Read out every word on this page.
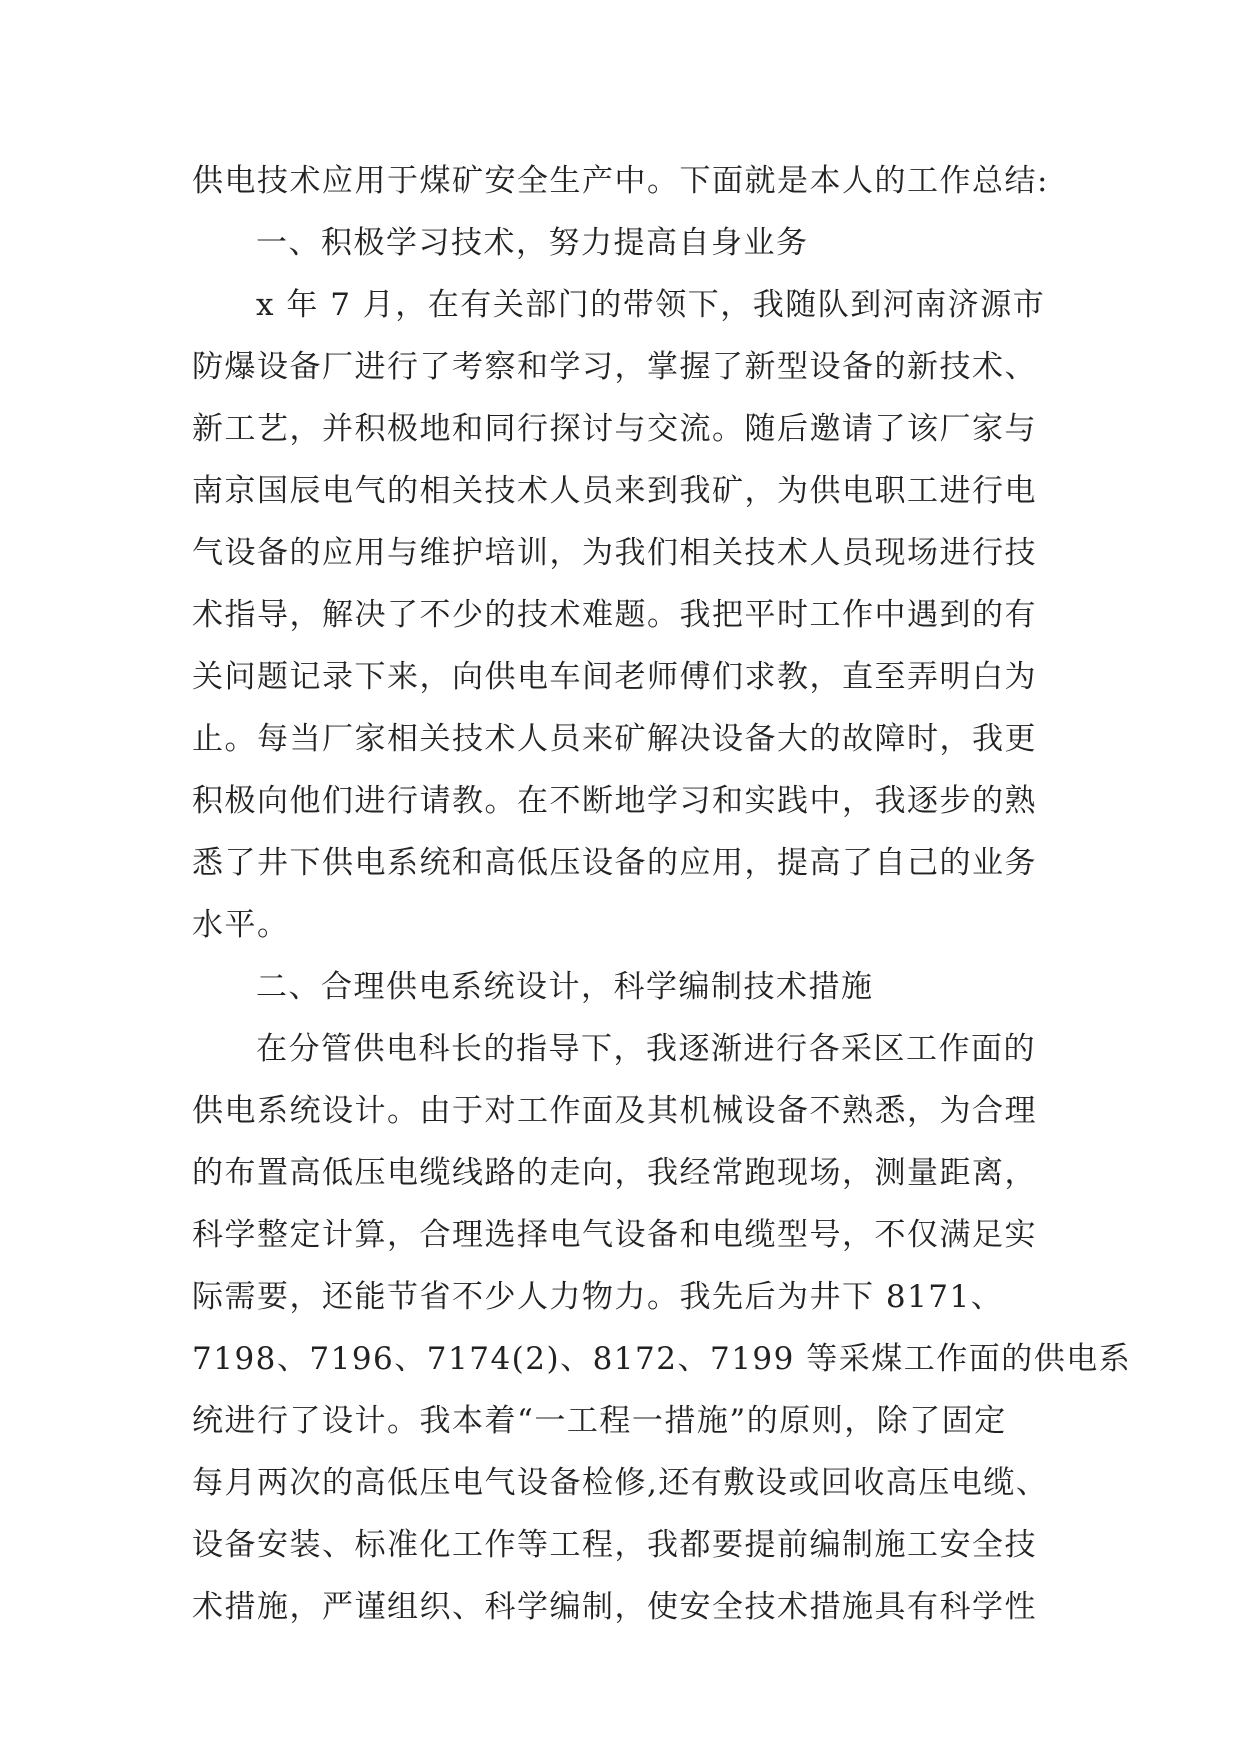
供电技术应用于煤矿安全生产中。下面就是本人的工作总结:
一、积极学习技术，努力提高自身业务
x 年 7 月，在有关部门的带领下，我随队到河南济源市
防爆设备厂进行了考察和学习，掌握了新型设备的新技术、
新工艺，并积极地和同行探讨与交流。随后邀请了该厂家与
南京国辰电气的相关技术人员来到我矿，为供电职工进行电
气设备的应用与维护培训，为我们相关技术人员现场进行技
术指导，解决了不少的技术难题。我把平时工作中遇到的有
关问题记录下来，向供电车间老师傅们求教，直至弄明白为
止。每当厂家相关技术人员来矿解决设备大的故障时，我更
积极向他们进行请教。在不断地学习和实践中，我逐步的熟
悉了井下供电系统和高低压设备的应用，提高了自己的业务
水平。
二、合理供电系统设计，科学编制技术措施
在分管供电科长的指导下，我逐渐进行各采区工作面的
供电系统设计。由于对工作面及其机械设备不熟悉，为合理
的布置高低压电缆线路的走向，我经常跑现场，测量距离，
科学整定计算，合理选择电气设备和电缆型号，不仅满足实
际需要，还能节省不少人力物力。我先后为井下 8171、
7198、7196、7174(2)、8172、7199 等采煤工作面的供电系
统进行了设计。我本着“一工程一措施”的原则，除了固定
每月两次的高低压电气设备检修,还有敷设或回收高压电缆、
设备安装、标准化工作等工程，我都要提前编制施工安全技
术措施，严谨组织、科学编制，使安全技术措施具有科学性
